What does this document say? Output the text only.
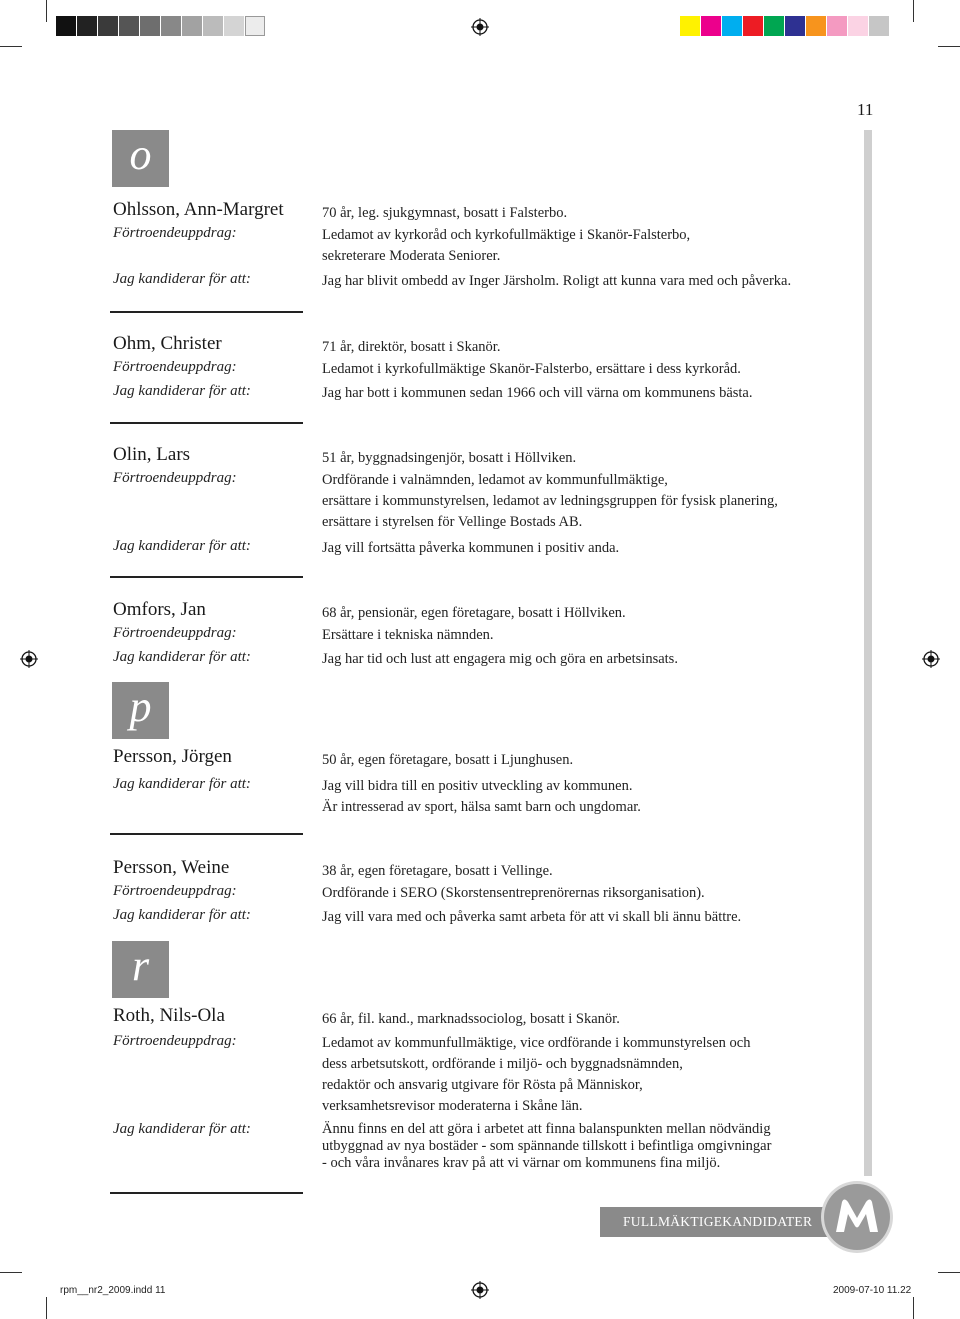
11
o
Ohlsson, Ann-Margret	70 år, leg. sjukgymnast, bosatt i Falsterbo.
Förtroendeuppdrag:	Ledamot av kyrkoråd och kyrkofullmäktige i Skanör-Falsterbo,
sekreterare Moderata Seniorer.
Jag kandiderar för att:	Jag har blivit ombedd av Inger Järsholm. Roligt att kunna vara med och påverka.
Ohm, Christer	71 år, direktör, bosatt i Skanör.
Förtroendeuppdrag:	Ledamot i kyrkofullmäktige Skanör-Falsterbo, ersättare i dess kyrkoråd.
Jag kandiderar för att:	Jag har bott i kommunen sedan 1966 och vill värna om kommunens bästa.
Olin, Lars	51 år, byggnadsingenjör, bosatt i Höllviken.
Förtroendeuppdrag:	Ordförande i valnämnden, ledamot av kommunfullmäktige,
ersättare i kommunstyrelsen, ledamot av ledningsgruppen för fysisk planering,
ersättare i styrelsen för Vellinge Bostads AB.
Jag kandiderar för att:	Jag vill fortsätta påverka kommunen i positiv anda.
Omfors, Jan	68 år, pensionär, egen företagare, bosatt i Höllviken.
Förtroendeuppdrag:	Ersättare i tekniska nämnden.
Jag kandiderar för att:	Jag har tid och lust att engagera mig och göra en arbetsinsats.
p
Persson, Jörgen	50 år, egen företagare, bosatt i Ljunghusen.
Jag kandiderar för att:	Jag vill bidra till en positiv utveckling av kommunen.
Är intresserad av sport, hälsa samt barn och ungdomar.
Persson, Weine	38 år, egen företagare, bosatt i Vellinge.
Förtroendeuppdrag:	Ordförande i SERO (Skorstensentreprenörernas riksorganisation).
Jag kandiderar för att:	Jag vill vara med och påverka samt arbeta för att vi skall bli ännu bättre.
r
Roth, Nils-Ola	66 år, fil. kand., marknadssociolog, bosatt i Skanör.
Förtroendeuppdrag:	Ledamot av kommunfullmäktige, vice ordförande i kommunstyrelsen och
dess arbetsutskott, ordförande i miljö- och byggnadsnämnden,
redaktör och ansvarig utgivare för Rösta på Människor,
verksamhetsrevisor moderaterna i Skåne län.
Jag kandiderar för att:	Ännu finns en del att göra i arbetet att finna balanspunkten mellan nödvändig
utbyggnad av nya bostäder - som spännande tillskott i befintliga omgivningar
- och våra invånares krav på att vi värnar om kommunens fina miljö.
FULLMÄKTIGEKANDIDATER
rpm__nr2_2009.indd 11	2009-07-10 11.22
